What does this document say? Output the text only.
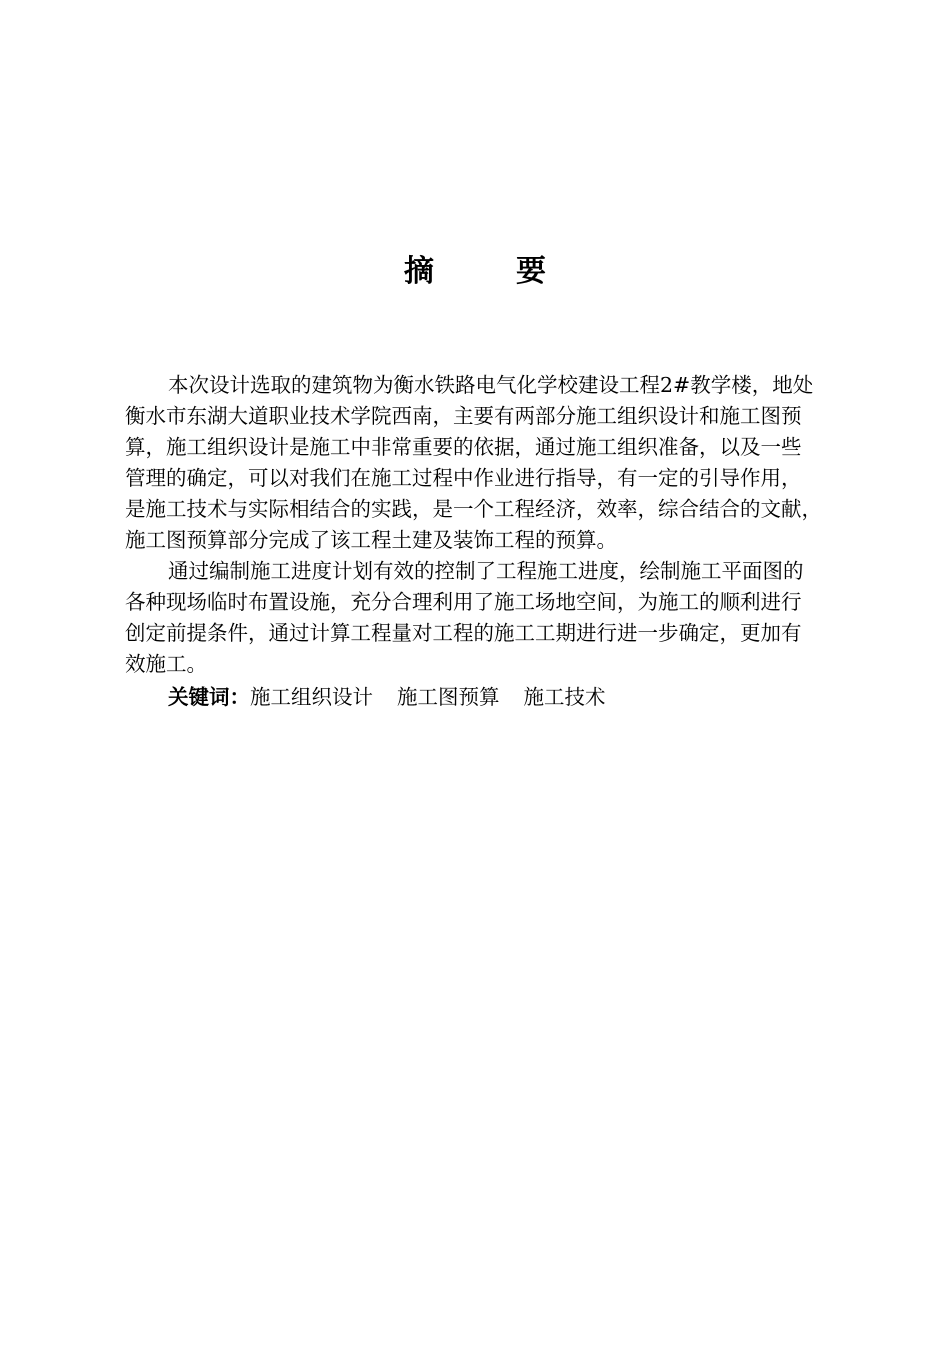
摘	要
本次设计选取的建筑物为衡水铁路电气化学校建设工程2#教学楼，地处
衡水市东湖大道职业技术学院西南，主要有两部分施工组织设计和施工图预
算，施工组织设计是施工中非常重要的依据，通过施工组织准备，以及一些
管理的确定，可以对我们在施工过程中作业进行指导，有一定的引导作用，
是施工技术与实际相结合的实践，是一个工程经济，效率，综合结合的文献，
施工图预算部分完成了该工程土建及装饰工程的预算。
通过编制施工进度计划有效的控制了工程施工进度，绘制施工平面图的
各种现场临时布置设施，充分合理利用了施工场地空间，为施工的顺利进行
创定前提条件，通过计算工程量对工程的施工工期进行进一步确定，更加有
效施工。
关键词：施工组织设计 施工图预算 施工技术
